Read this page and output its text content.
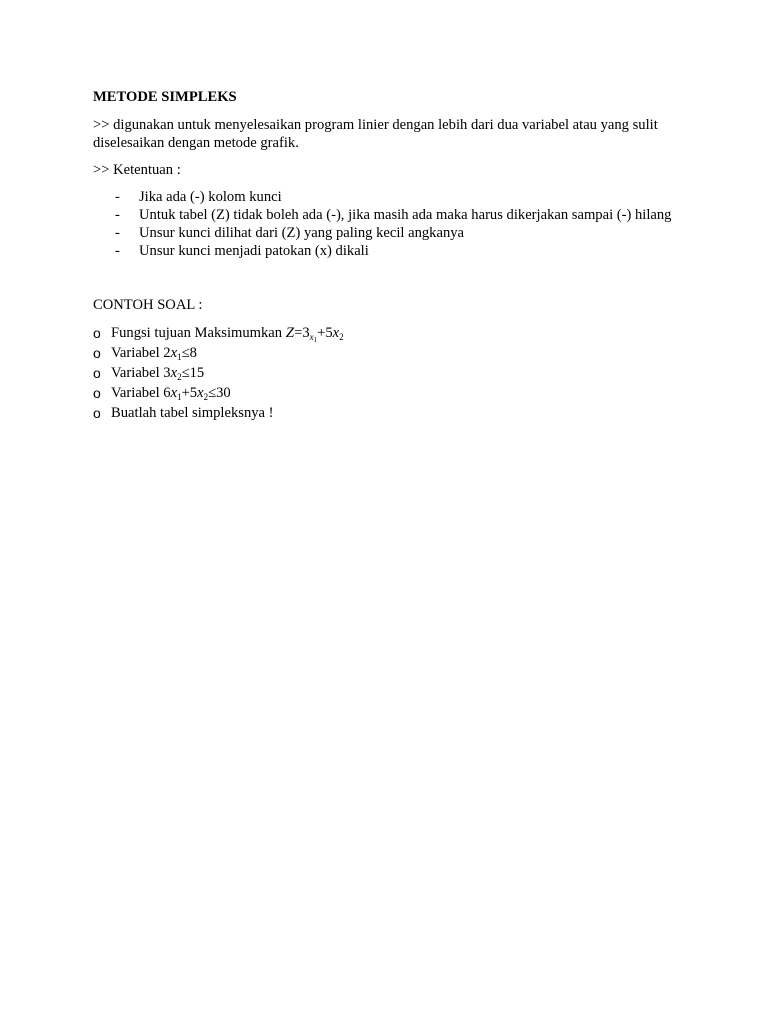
METODE SIMPLEKS
>> digunakan untuk menyelesaikan program linier dengan lebih dari dua variabel atau yang sulit diselesaikan dengan metode grafik.
>> Ketentuan :
- Jika ada (-) kolom kunci
- Untuk tabel (Z) tidak boleh ada (-), jika masih ada maka harus dikerjakan sampai (-) hilang
- Unsur kunci dilihat dari (Z) yang paling kecil angkanya
- Unsur kunci menjadi patokan (x) dikali
CONTOH SOAL :
o Fungsi tujuan Maksimumkan $Z=3_{x_1}+5x_2$
o Variabel $2x_1\le 8$
o Variabel $3x_2\le 15$
o Variabel $6x_1+5x_2\le 30$
o Buatlah tabel simpleksnya !
